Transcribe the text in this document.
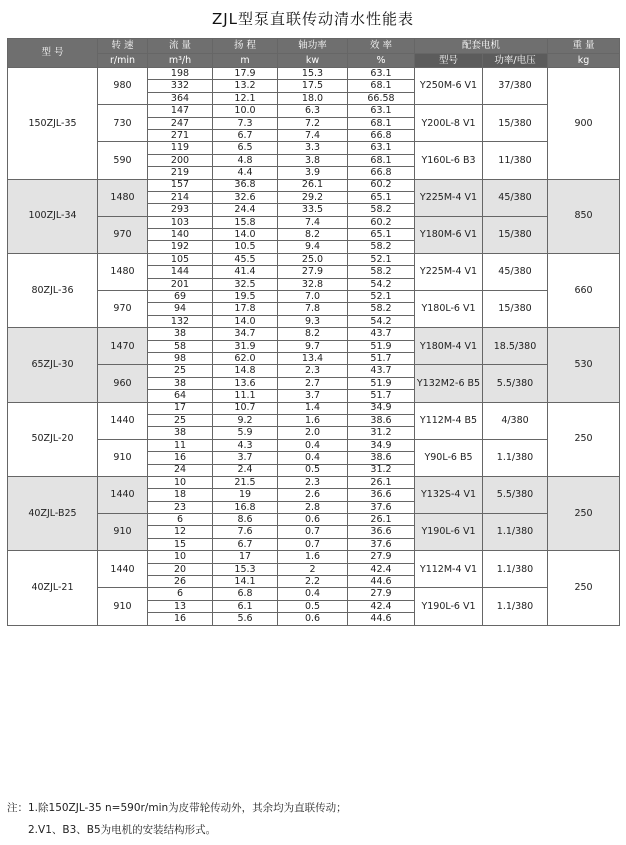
ZJL型泵直联传动清水性能表
型 号	转 速	流 量	扬 程	轴功率	效 率	配套电机		重 量
	r/min	m³/h	m	kw	%	型号	功率/电压	kg
150ZJL-35	980	198	17.9	15.3	63.1	Y250M-6 V1	37/380	900
		332	13.2	17.5	68.1			
		364	12.1	18.0	66.58			
	730	147	10.0	6.3	63.1	Y200L-8 V1	15/380	
		247	7.3	7.2	68.1			
		271	6.7	7.4	66.8			
	590	119	6.5	3.3	63.1	Y160L-6 B3	11/380	
		200	4.8	3.8	68.1			
		219	4.4	3.9	66.8			
100ZJL-34	1480	157	36.8	26.1	60.2	Y225M-4 V1	45/380	850
		214	32.6	29.2	65.1			
		293	24.4	33.5	58.2			
	970	103	15.8	7.4	60.2	Y180M-6 V1	15/380	
		140	14.0	8.2	65.1			
		192	10.5	9.4	58.2			
80ZJL-36	1480	105	45.5	25.0	52.1	Y225M-4 V1	45/380	660
		144	41.4	27.9	58.2			
		201	32.5	32.8	54.2			
	970	69	19.5	7.0	52.1	Y180L-6 V1	15/380	
		94	17.8	7.8	58.2			
		132	14.0	9.3	54.2			
65ZJL-30	1470	38	34.7	8.2	43.7	Y180M-4 V1	18.5/380	530
		58	31.9	9.7	51.9			
		98	62.0	13.4	51.7			
	960	25	14.8	2.3	43.7	Y132M2-6 B5	5.5/380	
		38	13.6	2.7	51.9			
		64	11.1	3.7	51.7			
50ZJL-20	1440	17	10.7	1.4	34.9	Y112M-4 B5	4/380	250
		25	9.2	1.6	38.6			
		38	5.9	2.0	31.2			
	910	11	4.3	0.4	34.9	Y90L-6 B5	1.1/380	
		16	3.7	0.4	38.6			
		24	2.4	0.5	31.2			
40ZJL-B25	1440	10	21.5	2.3	26.1	Y132S-4 V1	5.5/380	250
		18	19	2.6	36.6			
		23	16.8	2.8	37.6			
	910	6	8.6	0.6	26.1	Y190L-6 V1	1.1/380	
		12	7.6	0.7	36.6			
		15	6.7	0.7	37.6			
40ZJL-21	1440	10	17	1.6	27.9	Y112M-4 V1	1.1/380	250
		20	15.3	2	42.4			
		26	14.1	2.2	44.6			
	910	6	6.8	0.4	27.9	Y190L-6 V1	1.1/380	
		13	6.1	0.5	42.4			
		16	5.6	0.6	44.6			
注：1.除150ZJL-35 n=590r/min为皮带轮传动外，其余均为直联传动；
2.V1、B3、B5为电机的安装结构形式。
